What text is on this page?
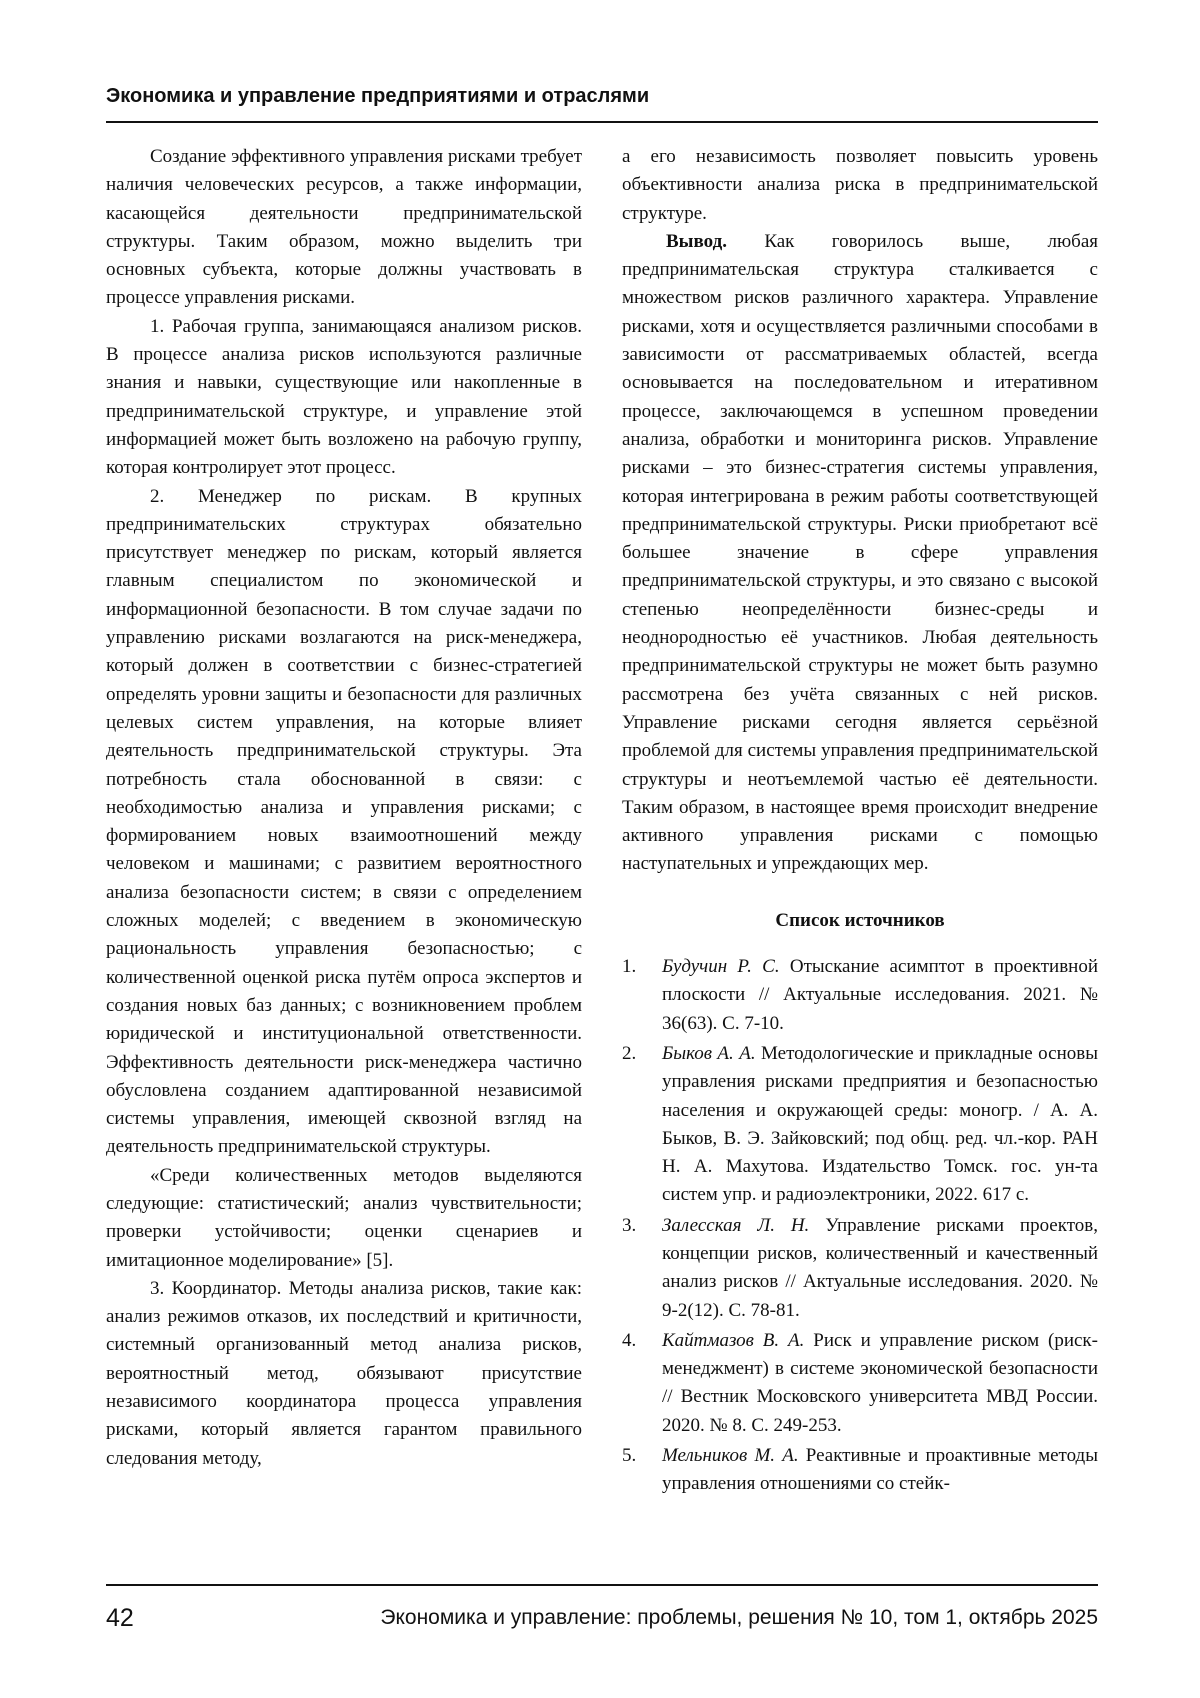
Экономика и управление предприятиями и отраслями

Создание эффективного управления рисками требует наличия человеческих ресурсов, а также информации, касающейся деятельности предпринимательской структуры. Таким образом, можно выделить три основных субъекта, которые должны участвовать в процессе управления рисками.

1. Рабочая группа, занимающаяся анализом рисков. В процессе анализа рисков используются различные знания и навыки, существующие или накопленные в предпринимательской структуре, и управление этой информацией может быть возложено на рабочую группу, которая контролирует этот процесс.

2. Менеджер по рискам. В крупных предпринимательских структурах обязательно присутствует менеджер по рискам, который является главным специалистом по экономической и информационной безопасности. В том случае задачи по управлению рисками возлагаются на риск-менеджера, который должен в соответствии с бизнес-стратегией определять уровни защиты и безопасности для различных целевых систем управления, на которые влияет деятельность предпринимательской структуры. Эта потребность стала обоснованной в связи: с необходимостью анализа и управления рисками; с формированием новых взаимоотношений между человеком и машинами; с развитием вероятностного анализа безопасности систем; в связи с определением сложных моделей; с введением в экономическую рациональность управления безопасностью; с количественной оценкой риска путём опроса экспертов и создания новых баз данных; с возникновением проблем юридической и институциональной ответственности. Эффективность деятельности риск-менеджера частично обусловлена созданием адаптированной независимой системы управления, имеющей сквозной взгляд на деятельность предпринимательской структуры.

«Среди количественных методов выделяются следующие: статистический; анализ чувствительности; проверки устойчивости; оценки сценариев и имитационное моделирование» [5].

3. Координатор. Методы анализа рисков, такие как: анализ режимов отказов, их последствий и критичности, системный организованный метод анализа рисков, вероятностный метод, обязывают присутствие независимого координатора процесса управления рисками, который является гарантом правильного следования методу,

а его независимость позволяет повысить уровень объективности анализа риска в предпринимательской структуре.

Вывод. Как говорилось выше, любая предпринимательская структура сталкивается с множеством рисков различного характера. Управление рисками, хотя и осуществляется различными способами в зависимости от рассматриваемых областей, всегда основывается на последовательном и итеративном процессе, заключающемся в успешном проведении анализа, обработки и мониторинга рисков. Управление рисками – это бизнес-стратегия системы управления, которая интегрирована в режим работы соответствующей предпринимательской структуры. Риски приобретают всё большее значение в сфере управления предпринимательской структуры, и это связано с высокой степенью неопределённости бизнес-среды и неоднородностью её участников. Любая деятельность предпринимательской структуры не может быть разумно рассмотрена без учёта связанных с ней рисков. Управление рисками сегодня является серьёзной проблемой для системы управления предпринимательской структуры и неотъемлемой частью её деятельности. Таким образом, в настоящее время происходит внедрение активного управления рисками с помощью наступательных и упреждающих мер.

Список источников
1.	Будучин Р. С. Отыскание асимптот в проективной плоскости // Актуальные исследования. 2021. № 36(63). С. 7-10.
2.	Быков А. А. Методологические и прикладные основы управления рисками предприятия и безопасностью населения и окружающей среды: моногр. / А. А. Быков, В. Э. Зайковский; под общ. ред. чл.-кор. РАН Н. А. Махутова. Издательство Томск. гос. ун-та систем упр. и радиоэлектроники, 2022. 617 с.
3.	Залесская Л. Н. Управление рисками проектов, концепции рисков, количественный и качественный анализ рисков // Актуальные исследования. 2020. № 9-2(12). С. 78-81.
4.	Кайтмазов В. А. Риск и управление риском (риск-менеджмент) в системе экономической безопасности // Вестник Московского университета МВД России. 2020. № 8. С. 249-253.
5.	Мельников М. А. Реактивные и проактивные методы управления отношениями со стейк-
42	Экономика и управление: проблемы, решения № 10, том 1, октябрь 2025
